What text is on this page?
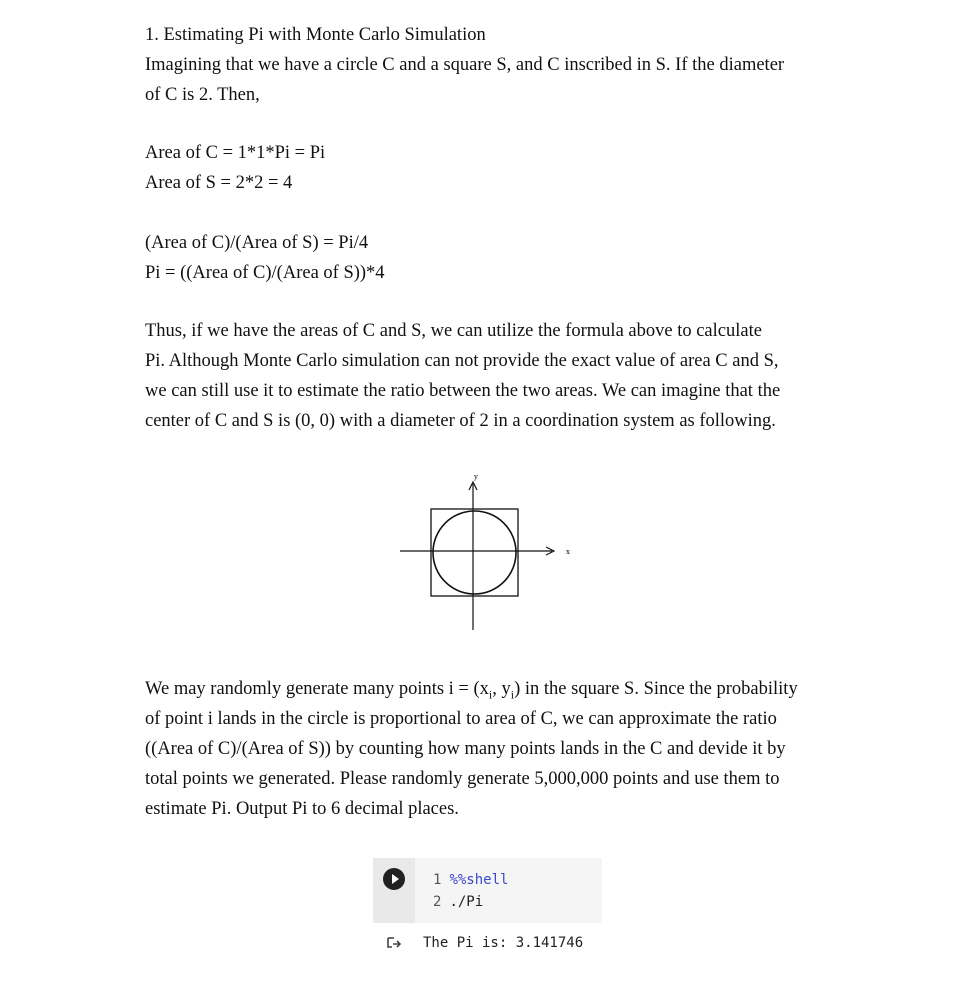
1. Estimating Pi with Monte Carlo Simulation
Imagining that we have a circle C and a square S, and C inscribed in S. If the diameter
of C is 2. Then,
Area of C = 1*1*Pi = Pi
Area of S = 2*2 = 4
(Area of C)/(Area of S) = Pi/4
Pi = ((Area of C)/(Area of S))*4
Thus, if we have the areas of C and S, we can utilize the formula above to calculate
Pi. Although Monte Carlo simulation can not provide the exact value of area C and S,
we can still use it to estimate the ratio between the two areas. We can imagine that the
center of C and S is (0, 0) with a diameter of 2 in a coordination system as following.
We may randomly generate many points $i = (x_i$, $y_i$) in the square S. Since the probability
of point i lands in the circle is proportional to area of C, we can approximate the ratio
((Area of C)/(Area of S)) by counting how many points lands in the C and devide it by
total points we generated. Please randomly generate 5,000,000 points and use them to
estimate Pi. Output Pi to 6 decimal places.
x
y
1 %%shell
2 ./Pi
The Pi is: 3.141746
